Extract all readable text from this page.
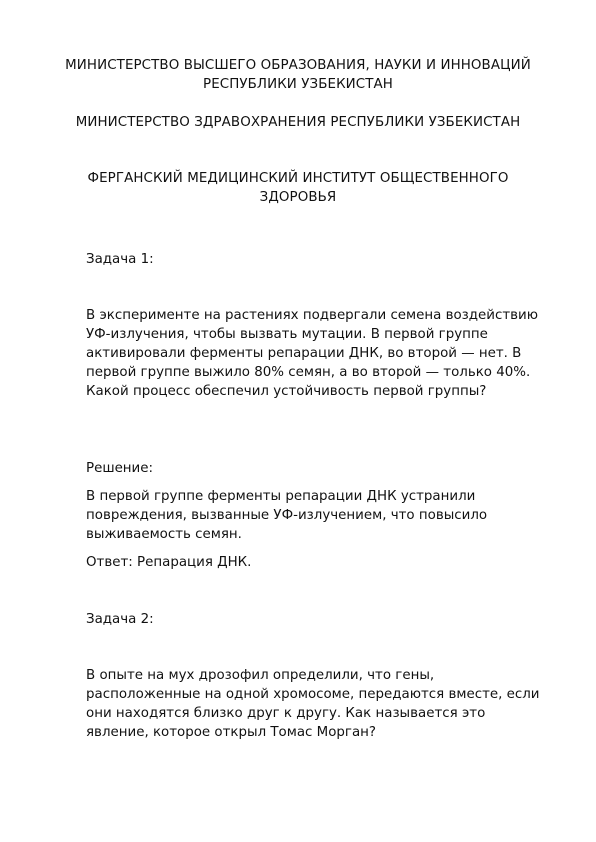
МИНИСТЕРСТВО ВЫСШЕГО ОБРАЗОВАНИЯ, НАУКИ И ИННОВАЦИЙ РЕСПУБЛИКИ УЗБЕКИСТАН
МИНИСТЕРСТВО ЗДРАВОХРАНЕНИЯ РЕСПУБЛИКИ УЗБЕКИСТАН
ФЕРГАНСКИЙ МЕДИЦИНСКИЙ ИНСТИТУТ ОБЩЕСТВЕННОГО ЗДОРОВЬЯ
Задача 1:
В эксперименте на растениях подвергали семена воздействию УФ-излучения, чтобы вызвать мутации. В первой группе активировали ферменты репарации ДНК, во второй — нет. В первой группе выжило 80% семян, а во второй — только 40%. Какой процесс обеспечил устойчивость первой группы?
Решение:
В первой группе ферменты репарации ДНК устранили повреждения, вызванные УФ-излучением, что повысило выживаемость семян.
Ответ: Репарация ДНК.
Задача 2:
В опыте на мух дрозофил определили, что гены, расположенные на одной хромосоме, передаются вместе, если они находятся близко друг к другу. Как называется это явление, которое открыл Томас Морган?
